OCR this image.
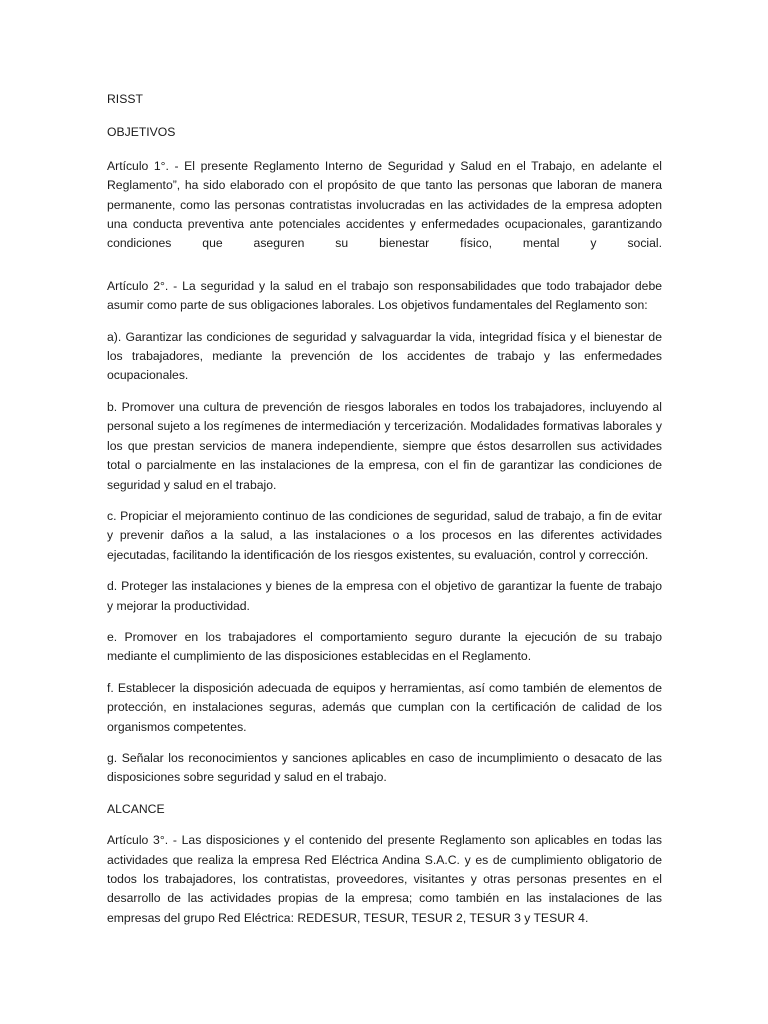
RISST

OBJETIVOS

Artículo 1°. - El presente Reglamento Interno de Seguridad y Salud en el Trabajo, en adelante el Reglamento”, ha sido elaborado con el propósito de que tanto las personas que laboran de manera permanente, como las personas contratistas involucradas en las actividades de la empresa adopten una conducta preventiva ante potenciales accidentes y enfermedades ocupacionales, garantizando condiciones que aseguren su bienestar físico, mental y social.

Artículo 2°. - La seguridad y la salud en el trabajo son responsabilidades que todo trabajador debe asumir como parte de sus obligaciones laborales. Los objetivos fundamentales del Reglamento son:

a). Garantizar las condiciones de seguridad y salvaguardar la vida, integridad física y el bienestar de los trabajadores, mediante la prevención de los accidentes de trabajo y las enfermedades ocupacionales.

b. Promover una cultura de prevención de riesgos laborales en todos los trabajadores, incluyendo al personal sujeto a los regímenes de intermediación y tercerización. Modalidades formativas laborales y los que prestan servicios de manera independiente, siempre que éstos desarrollen sus actividades total o parcialmente en las instalaciones de la empresa, con el fin de garantizar las condiciones de seguridad y salud en el trabajo.

c. Propiciar el mejoramiento continuo de las condiciones de seguridad, salud de trabajo, a fin de evitar y prevenir daños a la salud, a las instalaciones o a los procesos en las diferentes actividades ejecutadas, facilitando la identificación de los riesgos existentes, su evaluación, control y corrección.

d. Proteger las instalaciones y bienes de la empresa con el objetivo de garantizar la fuente de trabajo y mejorar la productividad.

e. Promover en los trabajadores el comportamiento seguro durante la ejecución de su trabajo mediante el cumplimiento de las disposiciones establecidas en el Reglamento.

f. Establecer la disposición adecuada de equipos y herramientas, así como también de elementos de protección, en instalaciones seguras, además que cumplan con la certificación de calidad de los organismos competentes.

g. Señalar los reconocimientos y sanciones aplicables en caso de incumplimiento o desacato de las disposiciones sobre seguridad y salud en el trabajo.

ALCANCE

Artículo 3°. - Las disposiciones y el contenido del presente Reglamento son aplicables en todas las actividades que realiza la empresa Red Eléctrica Andina S.A.C. y es de cumplimiento obligatorio de todos los trabajadores, los contratistas, proveedores, visitantes y otras personas presentes en el desarrollo de las actividades propias de la empresa; como también en las instalaciones de las empresas del grupo Red Eléctrica: REDESUR, TESUR, TESUR 2, TESUR 3 y TESUR 4.
